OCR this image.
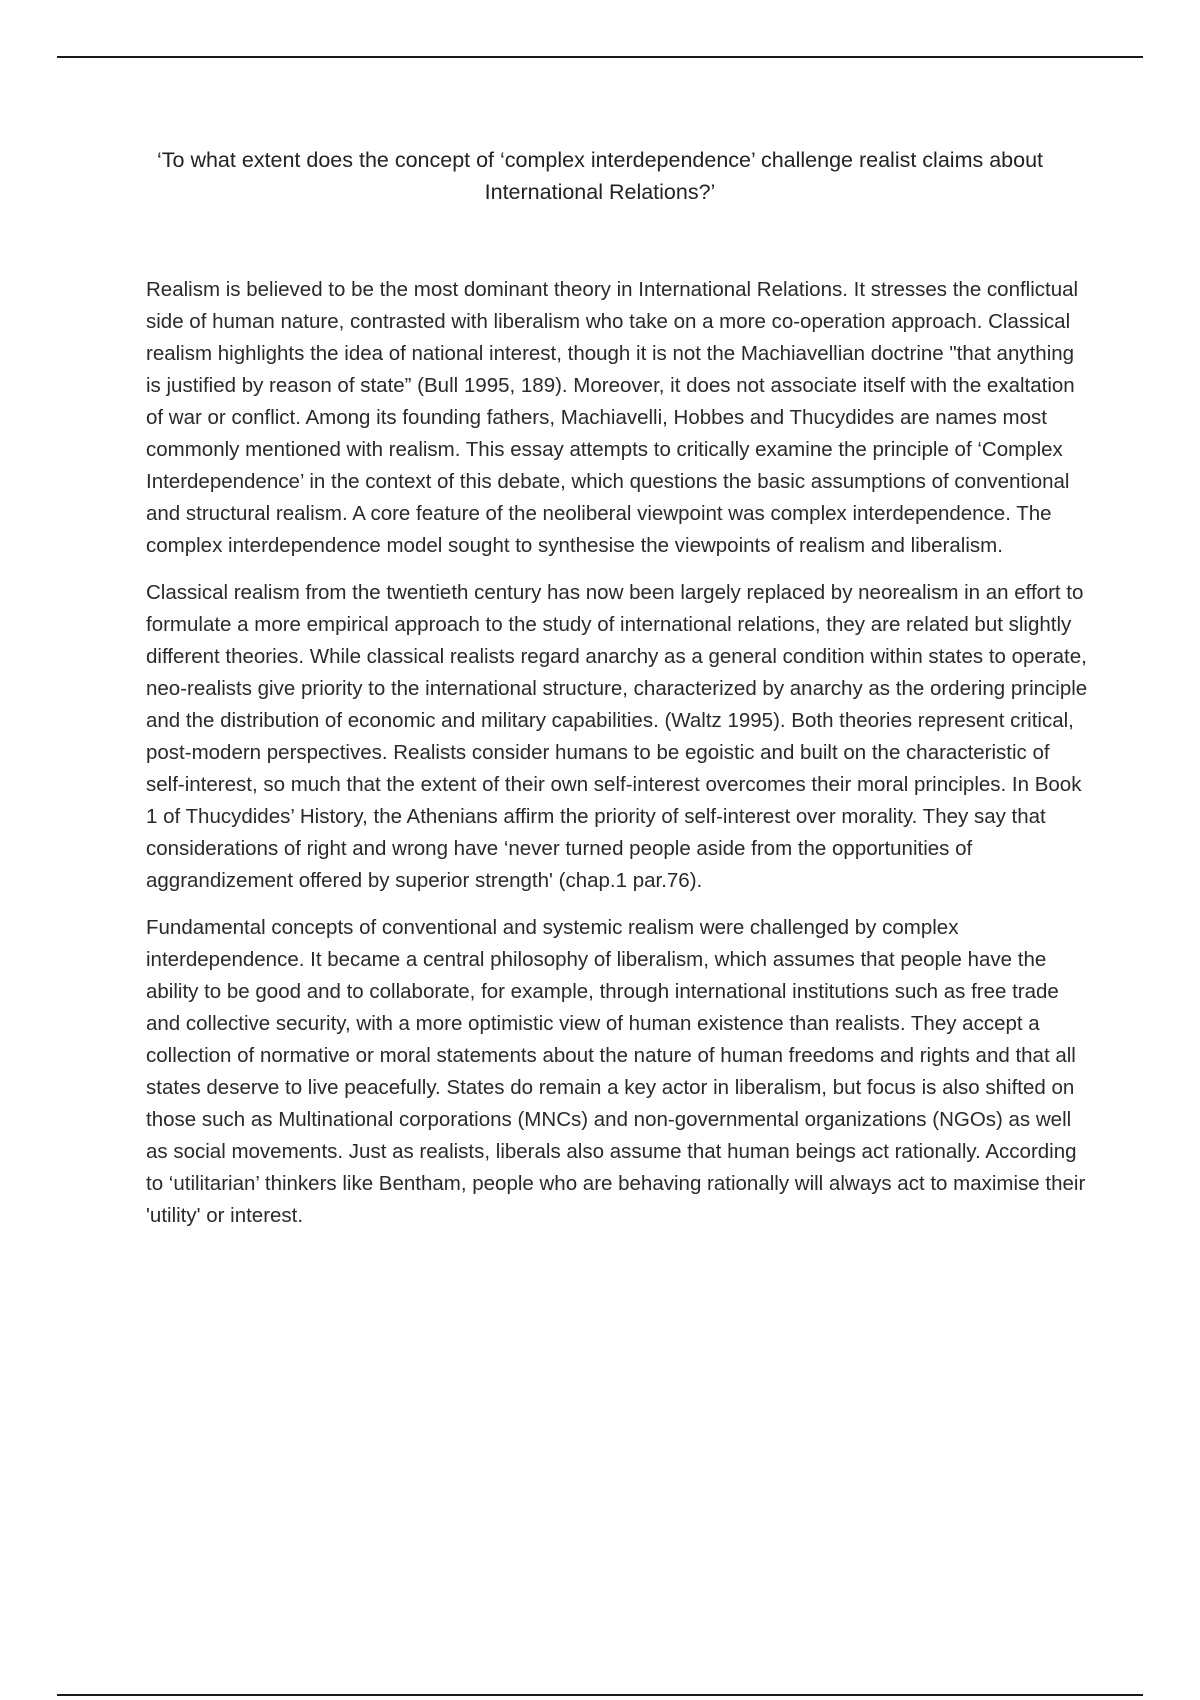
‘To what extent does the concept of ‘complex interdependence’ challenge realist claims about International Relations?’

Realism is believed to be the most dominant theory in International Relations. It stresses the conflictual side of human nature, contrasted with liberalism who take on a more co-operation approach. Classical realism highlights the idea of national interest, though it is not the Machiavellian doctrine "that anything is justified by reason of state” (Bull 1995, 189). Moreover, it does not associate itself with the exaltation of war or conflict. Among its founding fathers, Machiavelli, Hobbes and Thucydides are names most commonly mentioned with realism. This essay attempts to critically examine the principle of ‘Complex Interdependence’ in the context of this debate, which questions the basic assumptions of conventional and structural realism. A core feature of the neoliberal viewpoint was complex interdependence. The complex interdependence model sought to synthesise the viewpoints of realism and liberalism.

Classical realism from the twentieth century has now been largely replaced by neorealism in an effort to formulate a more empirical approach to the study of international relations, they are related but slightly different theories. While classical realists regard anarchy as a general condition within states to operate, neo-realists give priority to the international structure, characterized by anarchy as the ordering principle and the distribution of economic and military capabilities. (Waltz 1995). Both theories represent critical, post-modern perspectives. Realists consider humans to be egoistic and built on the characteristic of self-interest, so much that the extent of their own self-interest overcomes their moral principles. In Book 1 of Thucydides’ History, the Athenians affirm the priority of self-interest over morality. They say that considerations of right and wrong have ‘never turned people aside from the opportunities of aggrandizement offered by superior strength' (chap.1 par.76).

Fundamental concepts of conventional and systemic realism were challenged by complex interdependence. It became a central philosophy of liberalism, which assumes that people have the ability to be good and to collaborate, for example, through international institutions such as free trade and collective security, with a more optimistic view of human existence than realists. They accept a collection of normative or moral statements about the nature of human freedoms and rights and that all states deserve to live peacefully. States do remain a key actor in liberalism, but focus is also shifted on those such as Multinational corporations (MNCs) and non-governmental organizations (NGOs) as well as social movements. Just as realists, liberals also assume that human beings act rationally. According to ‘utilitarian’ thinkers like Bentham, people who are behaving rationally will always act to maximise their 'utility' or interest.
